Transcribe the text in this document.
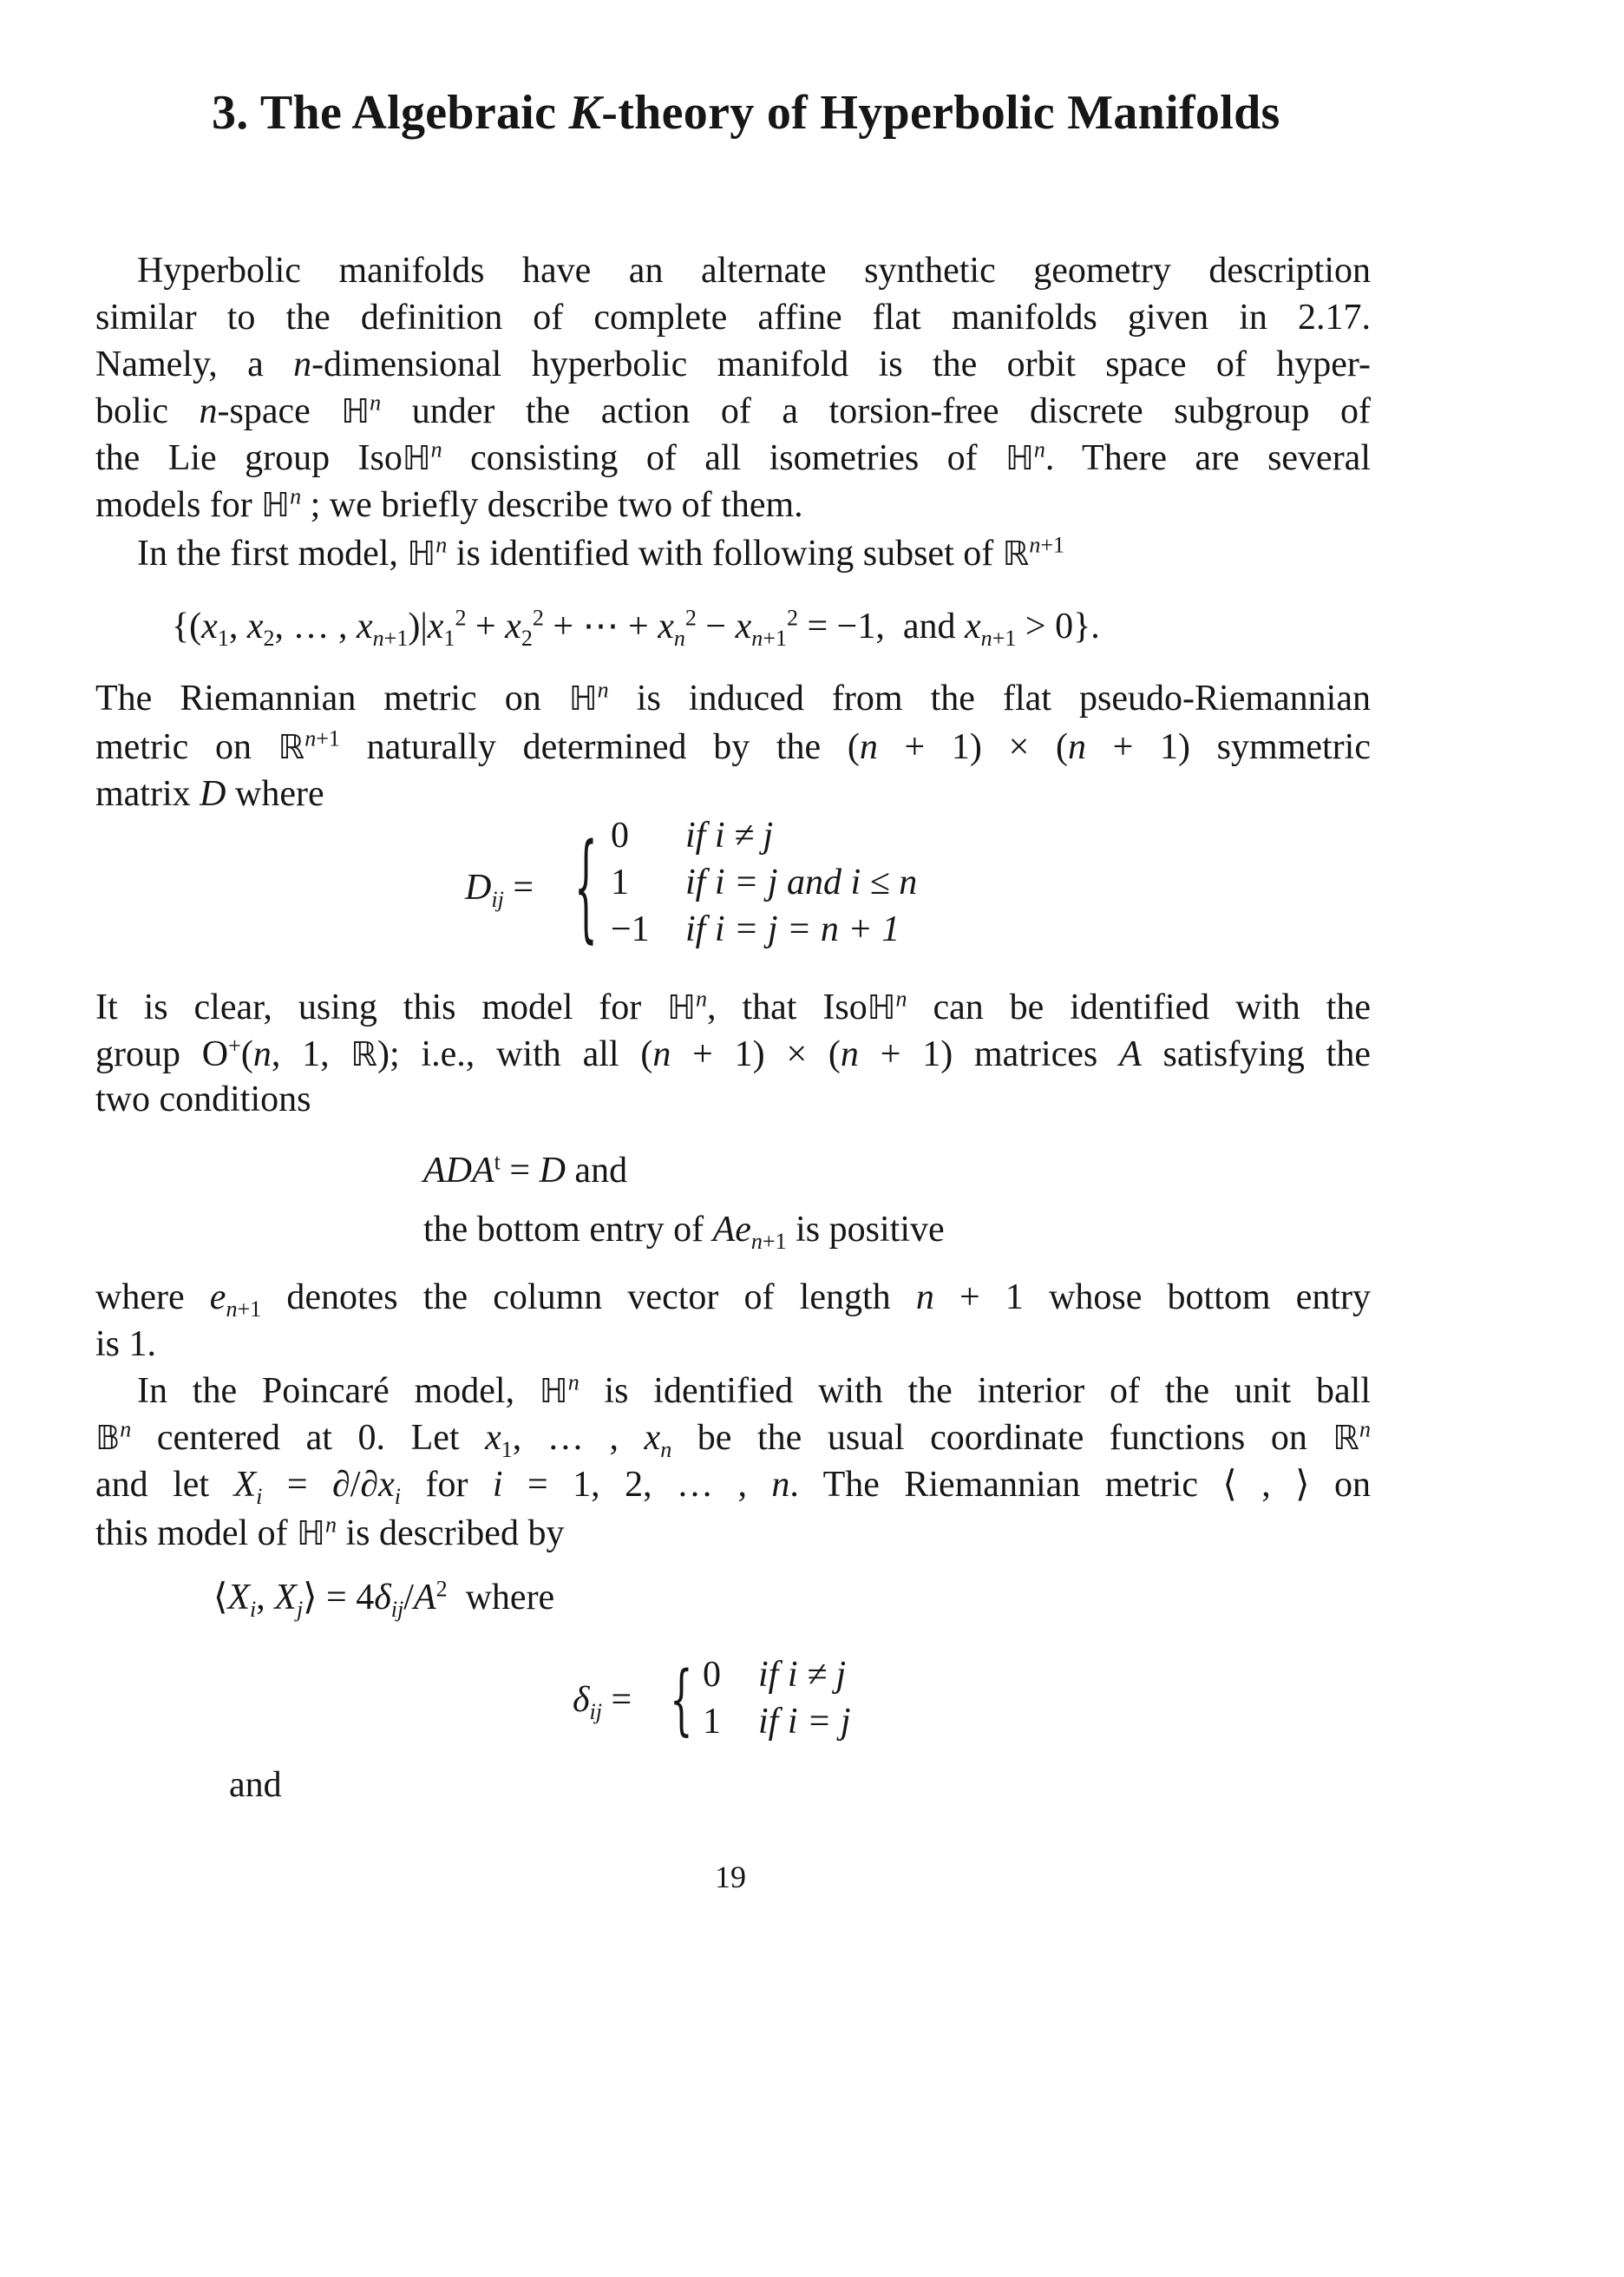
3. The Algebraic K-theory of Hyperbolic Manifolds
Hyperbolic manifolds have an alternate synthetic geometry description
similar to the definition of complete affine flat manifolds given in 2.17.
Namely, a n-dimensional hyperbolic manifold is the orbit space of hyper-
bolic n-space ℍ$^n$ under the action of a torsion-free discrete subgroup of
the Lie group Isoℍ$^n$ consisting of all isometries of ℍ$^n$. There are several
models for ℍ$^n$ ; we briefly describe two of them.
In the first model, ℍ$^n$ is identified with following subset of ℝ$^{n+1}$
{($x_1$, $x_2$, … , $x_{n+1})|x_1^2 + x_2^2$ + ⋯ + $x_n^2 - x_{n+1}^2 = -1$,  and $x_{n+1} > 0$}.
The Riemannian metric on ℍ$^n$ is induced from the flat pseudo-Riemannian
metric on ℝ$^{n+1}$ naturally determined by the (n + 1) × (n + 1) symmetric
matrix D where
$D_{ij}$ = { 0	if i ≠ j
1	if i = j and i ≤ n
−1	if i = j = n + 1
It is clear, using this model for ℍ$^n$, that Isoℍ$^n$ can be identified with the
group O+(n, 1, ℝ); i.e., with all (n + 1) × (n + 1) matrices A satisfying the
two conditions
$ADA^t = D$ and
the bottom entry of $Ae_{n+1}$ is positive
where $e_{n+1}$ denotes the column vector of length n + 1 whose bottom entry
is 1.
In the Poincaré model, ℍ$^n$ is identified with the interior of the unit ball
𝔹$^n$ centered at 0. Let $x_1$, … , $x_n$ be the usual coordinate functions on ℝ$^n$
and let $X_i = \partial/\partial x_i$ for i = 1, 2, … , n. The Riemannian metric ⟨ , ⟩ on
this model of ℍ$^n$ is described by
$⟨X_i$, $X_j⟩ = 4\delta_{ij}/A^2$ where
$\delta_{ij}$ = { 0	if i ≠ j
1	if i = j
and
19
